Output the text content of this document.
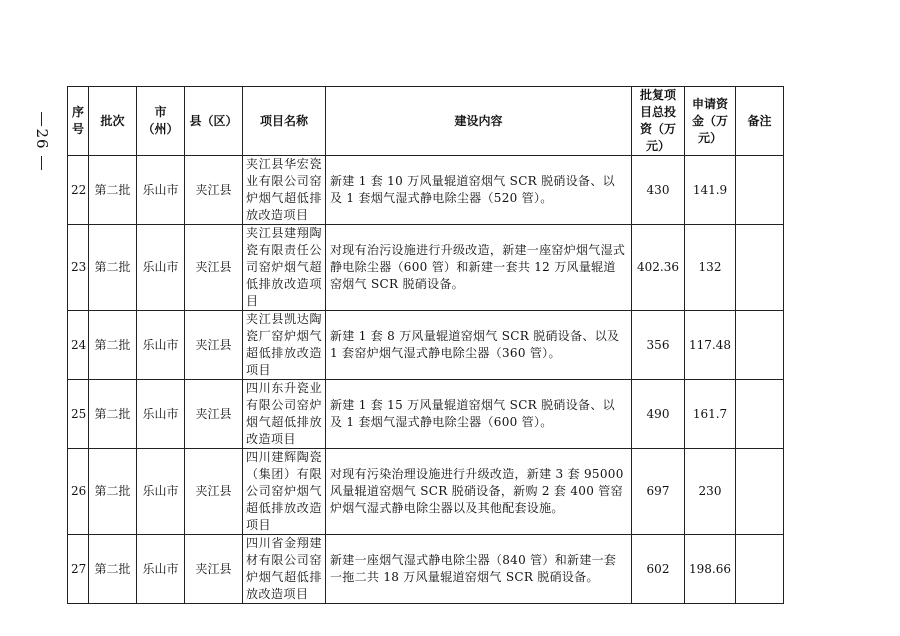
26
序号	批次	市（州）	县（区）	项目名称	建设内容	批复项目总投资（万元）	申请资金（万元）	备注
22	第二批	乐山市	夹江县	夹江县华宏瓷业有限公司窑炉烟气超低排放改造项目	新建 1 套 10 万风量辊道窑烟气 SCR 脱硝设备、以及 1 套烟气湿式静电除尘器（520 管）。	430	141.9	
23	第二批	乐山市	夹江县	夹江县建翔陶瓷有限责任公司窑炉烟气超低排放改造项目	对现有治污设施进行升级改造，新建一座窑炉烟气湿式静电除尘器（600 管）和新建一套共 12 万风量辊道窑烟气 SCR 脱硝设备。	402.36	132	
24	第二批	乐山市	夹江县	夹江县凯达陶瓷厂窑炉烟气超低排放改造项目	新建 1 套 8 万风量辊道窑烟气 SCR 脱硝设备、以及 1 套窑炉烟气湿式静电除尘器（360 管）。	356	117.48	
25	第二批	乐山市	夹江县	四川东升瓷业有限公司窑炉烟气超低排放改造项目	新建 1 套 15 万风量辊道窑烟气 SCR 脱硝设备、以及 1 套烟气湿式静电除尘器（600 管）。	490	161.7	
26	第二批	乐山市	夹江县	四川建辉陶瓷（集团）有限公司窑炉烟气超低排放改造项目	对现有污染治理设施进行升级改造，新建 3 套 95000 风量辊道窑烟气 SCR 脱硝设备，新购 2 套 400 管窑炉烟气湿式静电除尘器以及其他配套设施。	697	230	
27	第二批	乐山市	夹江县	四川省金翔建材有限公司窑炉烟气超低排放改造项目	新建一座烟气湿式静电除尘器（840 管）和新建一套一拖二共 18 万风量辊道窑烟气 SCR 脱硝设备。	602	198.66	
